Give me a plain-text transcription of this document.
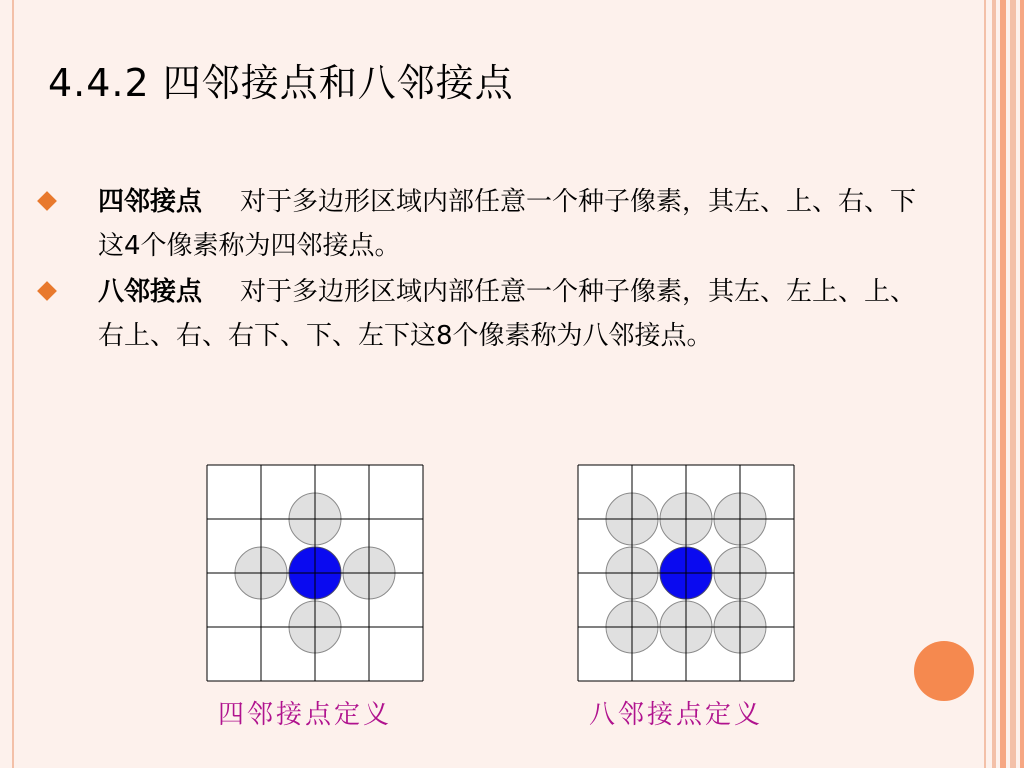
4.4.2 四邻接点和八邻接点
四邻接点 对于多边形区域内部任意一个种子像素，其左、上、右、下这4个像素称为四邻接点。
八邻接点 对于多边形区域内部任意一个种子像素，其左、左上、上、右上、右、右下、下、左下这8个像素称为八邻接点。
四邻接点定义	八邻接点定义
